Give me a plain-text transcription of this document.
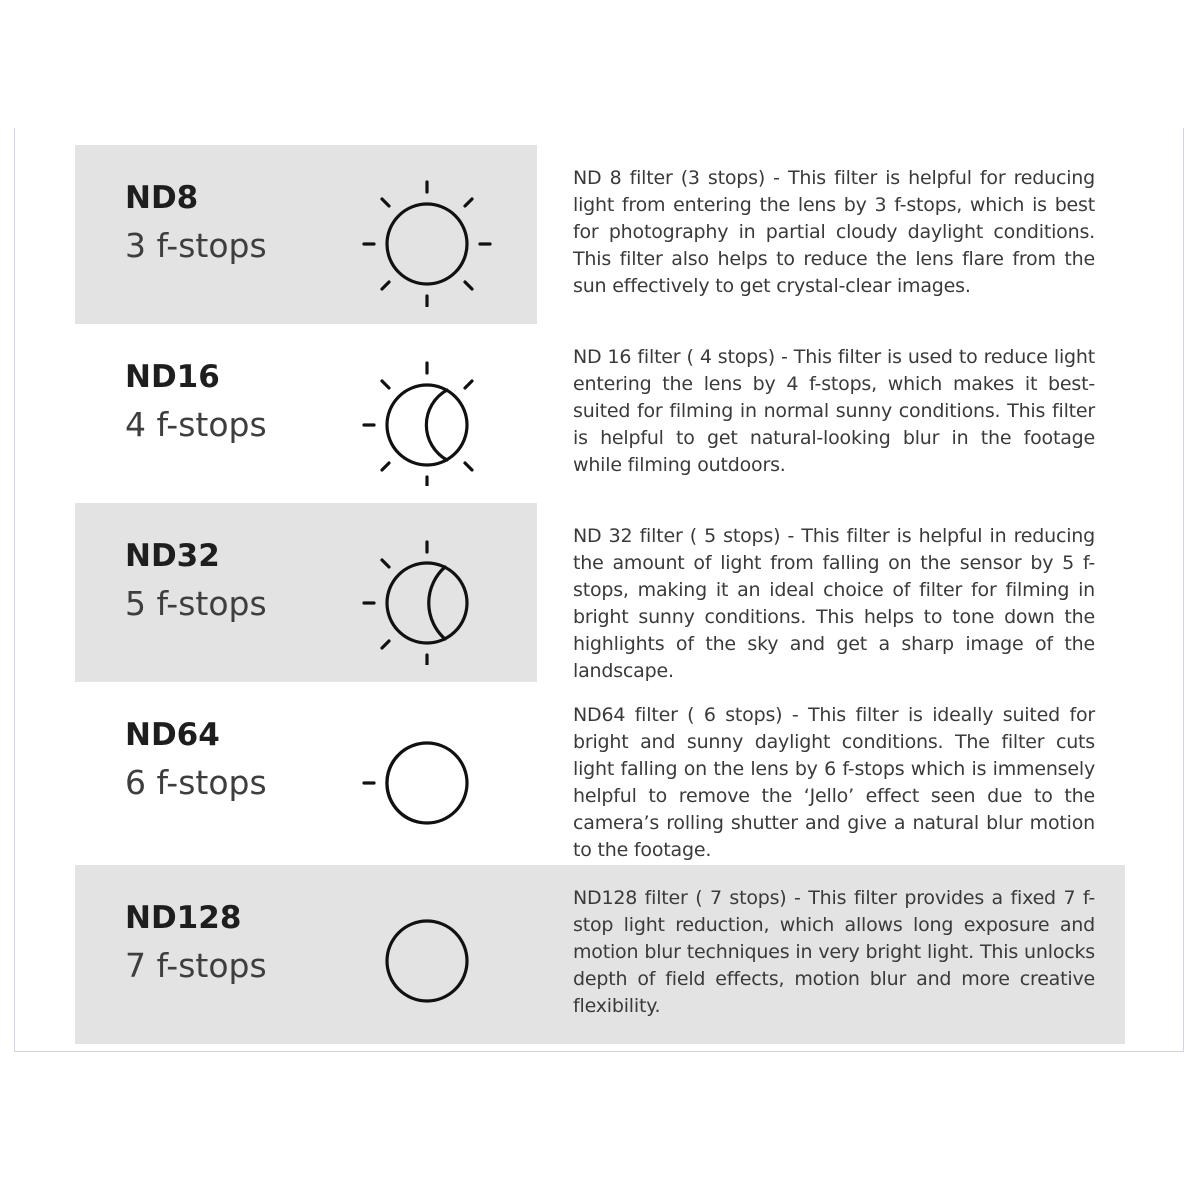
ND8

3 f-stops

ND 8 filter (3 stops) - This filter is helpful for reducing light from entering the lens by 3 f-stops, which is best for photography in partial cloudy daylight conditions. This filter also helps to reduce the lens flare from the sun effectively to get crystal-clear images.

ND16

4 f-stops

ND 16 filter ( 4 stops) - This filter is used to reduce light entering the lens by 4 f-stops, which makes it best-suited for filming in normal sunny conditions. This filter is helpful to get natural-looking blur in the footage while filming outdoors.

ND32

5 f-stops

ND 32 filter ( 5 stops) - This filter is helpful in reducing the amount of light from falling on the sensor by 5 f-stops, making it an ideal choice of filter for filming in bright sunny conditions. This helps to tone down the highlights of the sky and get a sharp image of the landscape.

ND64

6 f-stops

ND64 filter ( 6 stops) - This filter is ideally suited for bright and sunny daylight conditions. The filter cuts light falling on the lens by 6 f-stops which is immensely helpful to remove the ‘Jello’ effect seen due to the camera’s rolling shutter and give a natural blur motion to the footage.

ND128

7 f-stops

ND128 filter ( 7 stops) - This filter provides a fixed 7 f-stop light reduction, which allows long exposure and motion blur techniques in very bright light. This unlocks depth of field effects, motion blur and more creative flexibility.
